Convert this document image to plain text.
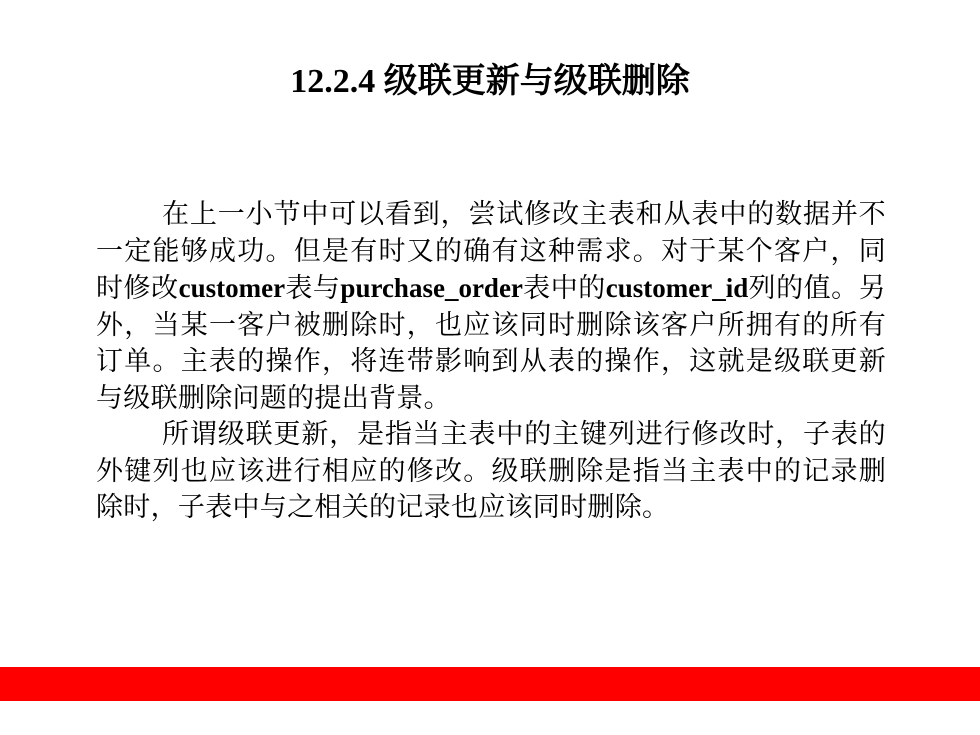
12.2.4 级联更新与级联删除

在上一小节中可以看到，尝试修改主表和从表中的数据并不一定能够成功。但是有时又的确有这种需求。对于某个客户，同时修改customer表与purchase_order表中的customer_id列的值。另外，当某一客户被删除时，也应该同时删除该客户所拥有的所有订单。主表的操作，将连带影响到从表的操作，这就是级联更新与级联删除问题的提出背景。

所谓级联更新，是指当主表中的主键列进行修改时，子表的外键列也应该进行相应的修改。级联删除是指当主表中的记录删除时，子表中与之相关的记录也应该同时删除。
